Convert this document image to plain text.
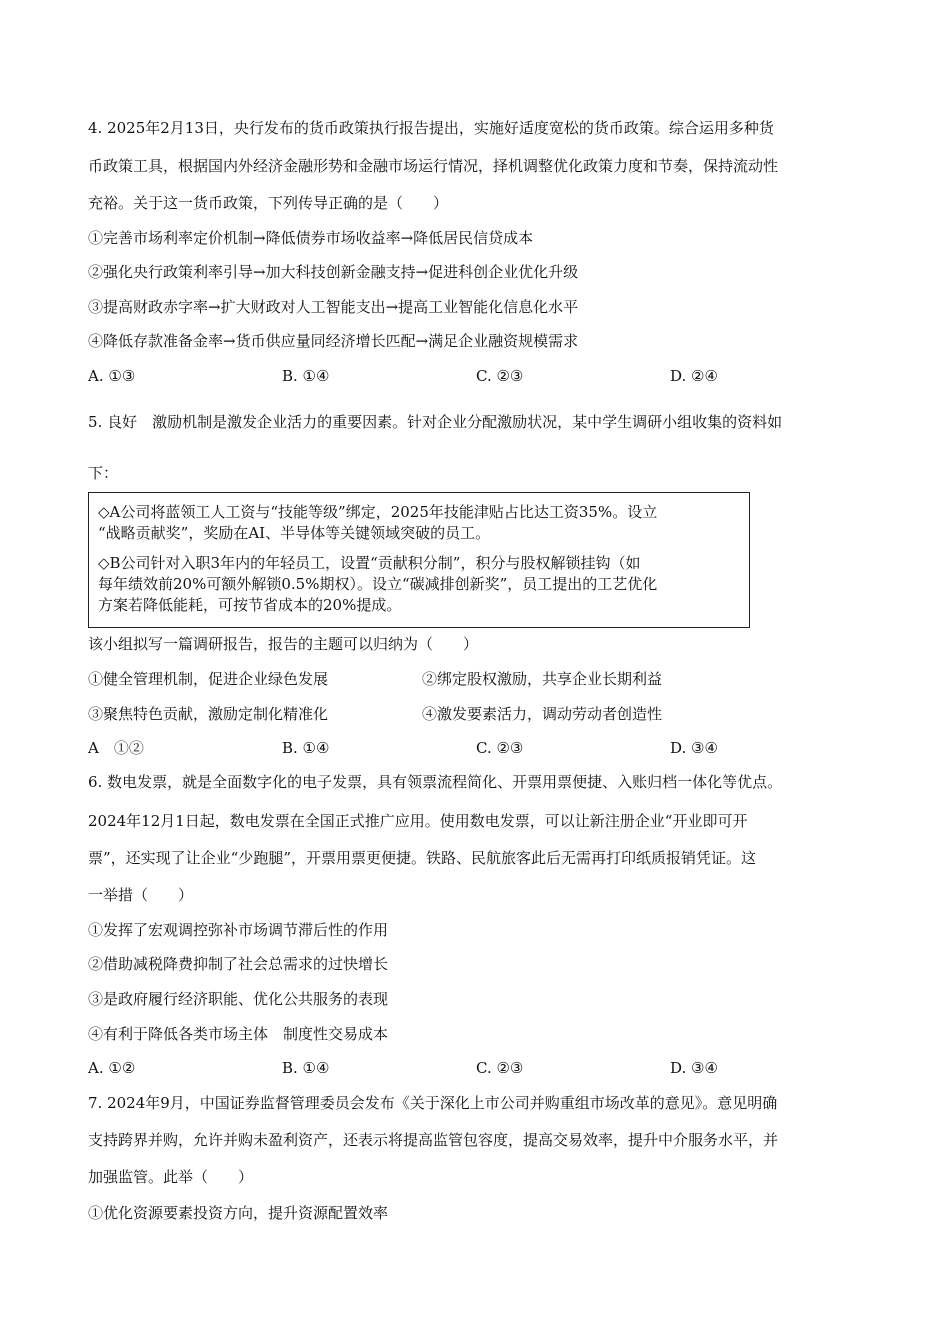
4. 2025年2月13日，央行发布的货币政策执行报告提出，实施好适度宽松的货币政策。综合运用多种货
币政策工具，根据国内外经济金融形势和金融市场运行情况，择机调整优化政策力度和节奏，保持流动性
充裕。关于这一货币政策，下列传导正确的是（　　）
①完善市场利率定价机制→降低债券市场收益率→降低居民信贷成本
②强化央行政策利率引导→加大科技创新金融支持→促进科创企业优化升级
③提高财政赤字率→扩大财政对人工智能支出→提高工业智能化信息化水平
④降低存款准备金率→货币供应量同经济增长匹配→满足企业融资规模需求
A. ①③	B. ①④	C. ②③	D. ②④
5. 良好　激励机制是激发企业活力的重要因素。针对企业分配激励状况，某中学生调研小组收集的资料如
下：
◇A公司将蓝领工人工资与“技能等级”绑定，2025年技能津贴占比达工资35%。设立
“战略贡献奖”，奖励在AI、半导体等关键领域突破的员工。
◇B公司针对入职3年内的年轻员工，设置“贡献积分制”，积分与股权解锁挂钩（如
每年绩效前20%可额外解锁0.5%期权）。设立“碳减排创新奖”，员工提出的工艺优化
方案若降低能耗，可按节省成本的20%提成。
该小组拟写一篇调研报告，报告的主题可以归纳为（　　）
①健全管理机制，促进企业绿色发展	②绑定股权激励，共享企业长期利益
③聚焦特色贡献，激励定制化精准化	④激发要素活力，调动劳动者创造性
A　①②	B. ①④	C. ②③	D. ③④
6. 数电发票，就是全面数字化的电子发票，具有领票流程简化、开票用票便捷、入账归档一体化等优点。
2024年12月1日起，数电发票在全国正式推广应用。使用数电发票，可以让新注册企业“开业即可开
票”，还实现了让企业“少跑腿”，开票用票更便捷。铁路、民航旅客此后无需再打印纸质报销凭证。这
一举措（　　）
①发挥了宏观调控弥补市场调节滞后性的作用
②借助减税降费抑制了社会总需求的过快增长
③是政府履行经济职能、优化公共服务的表现
④有利于降低各类市场主体　制度性交易成本
A. ①②	B. ①④	C. ②③	D. ③④
7. 2024年9月，中国证券监督管理委员会发布《关于深化上市公司并购重组市场改革的意见》。意见明确
支持跨界并购，允许并购未盈利资产，还表示将提高监管包容度，提高交易效率，提升中介服务水平，并
加强监管。此举（　　）
①优化资源要素投资方向，提升资源配置效率
